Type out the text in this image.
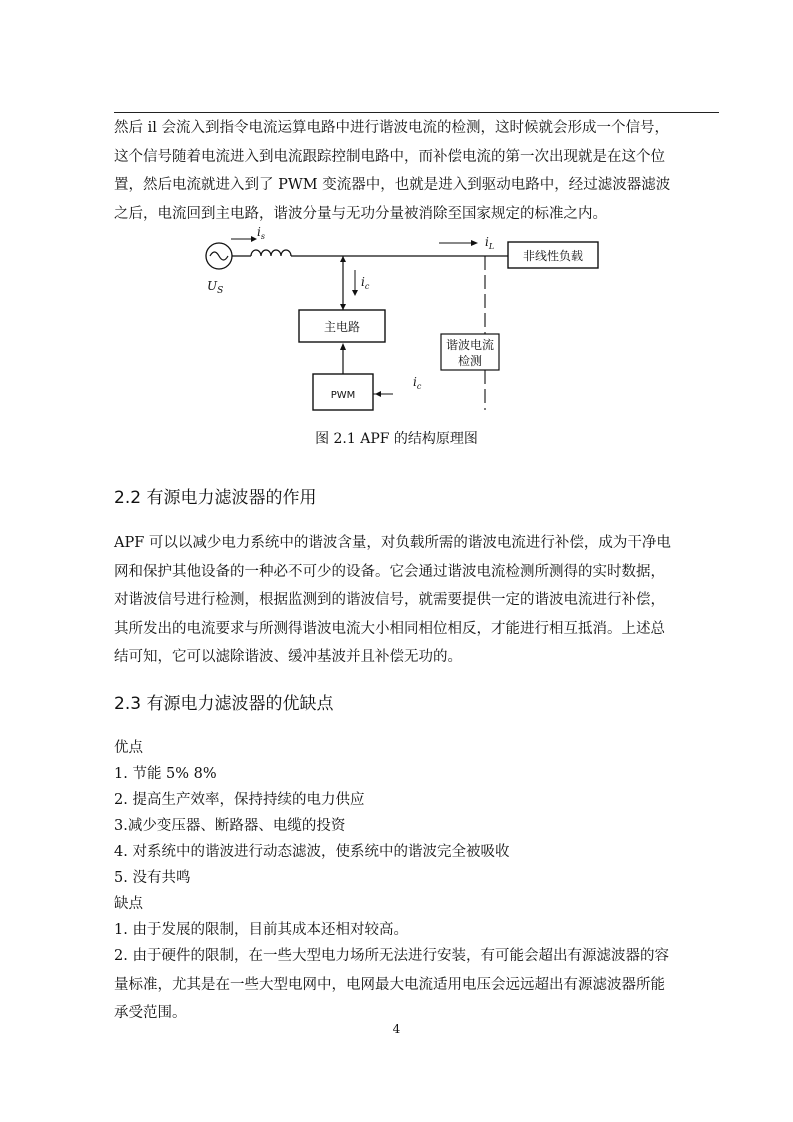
然后 il 会流入到指令电流运算电路中进行谐波电流的检测，这时候就会形成一个信号，
这个信号随着电流进入到电流跟踪控制电路中，而补偿电流的第一次出现就是在这个位
置，然后电流就进入到了 PWM 变流器中，也就是进入到驱动电路中，经过滤波器滤波
之后，电流回到主电路，谐波分量与无功分量被消除至国家规定的标准之内。
$U_S$
$i_s$	$i_L$
非线性负载
$i_c$
主电路
PWM
$i_c$
谐波电流
检测
图 2.1 APF 的结构原理图
2.2 有源电力滤波器的作用
APF 可以以减少电力系统中的谐波含量，对负载所需的谐波电流进行补偿，成为干净电
网和保护其他设备的一种必不可少的设备。它会通过谐波电流检测所测得的实时数据，
对谐波信号进行检测，根据监测到的谐波信号，就需要提供一定的谐波电流进行补偿，
其所发出的电流要求与所测得谐波电流大小相同相位相反，才能进行相互抵消。上述总
结可知，它可以滤除谐波、缓冲基波并且补偿无功的。
2.3 有源电力滤波器的优缺点
优点
1. 节能 5% 8%
2. 提高生产效率，保持持续的电力供应
3.减少变压器、断路器、电缆的投资
4. 对系统中的谐波进行动态滤波，使系统中的谐波完全被吸收
5. 没有共鸣
缺点
1. 由于发展的限制，目前其成本还相对较高。
2. 由于硬件的限制，在一些大型电力场所无法进行安装，有可能会超出有源滤波器的容
量标准，尤其是在一些大型电网中，电网最大电流适用电压会远远超出有源滤波器所能
承受范围。
4
